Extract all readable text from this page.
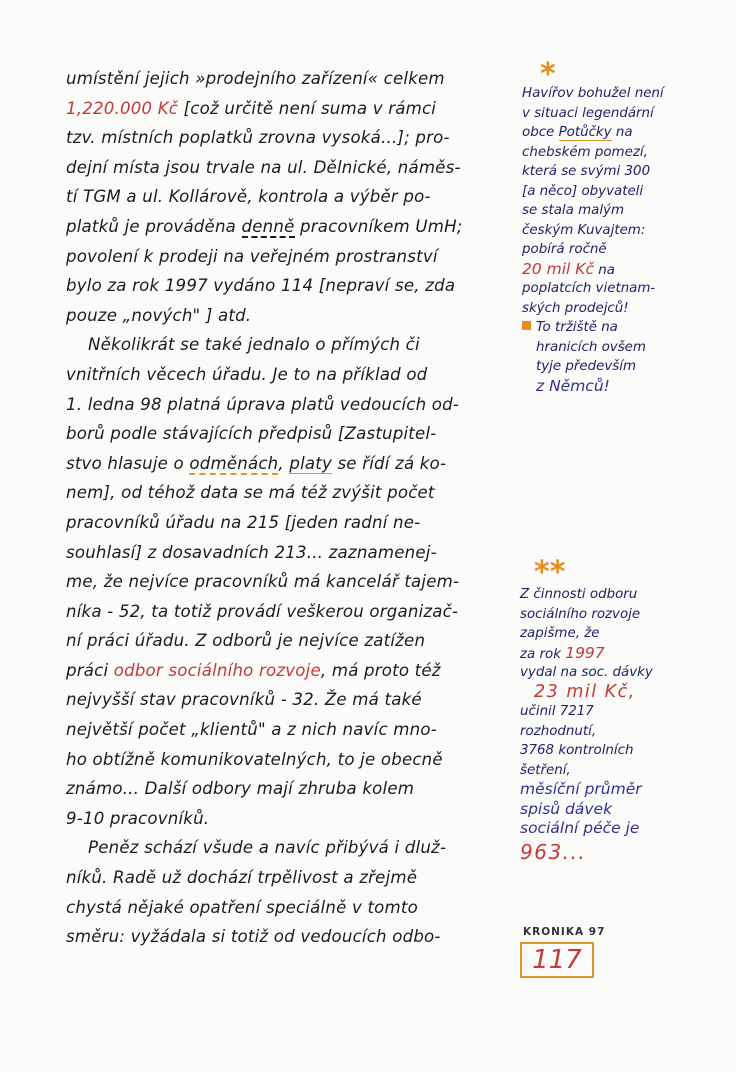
umístění jejich »prodejního zařízení« celkem
1,220.000 Kč [což určitě není suma v rámci
tzv. místních poplatků zrovna vysoká...]; pro-
dejní místa jsou trvale na ul. Dělnické, náměs-
tí TGM a ul. Kollárově, kontrola a výběr po-
platků je prováděna denně pracovníkem UmH;
povolení k prodeji na veřejném prostranství
bylo za rok 1997 vydáno 114 [nepraví se, zda
pouze „nových" ] atd.
Několikrát se také jednalo o přímých či
vnitřních věcech úřadu. Je to na příklad od
1. ledna 98 platná úprava platů vedoucích od-
borů podle stávajících předpisů [Zastupitel-
stvo hlasuje o odměnách, platy se řídí zá ko-
nem], od téhož data se má též zvýšit počet
pracovníků úřadu na 215 [jeden radní ne-
souhlasí] z dosavadních 213... zaznamenej-
me, že nejvíce pracovníků má kancelář tajem-
níka - 52, ta totiž provádí veškerou organizač-
ní práci úřadu. Z odborů je nejvíce zatížen
práci odbor sociálního rozvoje, má proto též
nejvyšší stav pracovníků - 32. Že má také
největší počet „klientů" a z nich navíc mno-
ho obtížně komunikovatelných, to je obecně
známo... Další odbory mají zhruba kolem
9-10 pracovníků.
Peněz schází všude a navíc přibývá i dluž-
níků. Radě už dochází trpělivost a zřejmě
chystá nějaké opatření speciálně v tomto
směru: vyžádala si totiž od vedoucích odbo-
*
Havířov bohužel není
v situaci legendární
obce Potůčky na
chebském pomezí,
která se svými 300
[a něco] obyvateli
se stala malým
českým Kuvajtem:
pobírá ročně
20 mil Kč na
poplatcích vietnam-
ských prodejců!
To tržiště na
hranicích ovšem
tyje především
z Němců!
**
Z činnosti odboru
sociálního rozvoje
zapišme, že
za rok 1997
vydal na soc. dávky
23 mil Kč,
učinil 7217
rozhodnutí,
3768 kontrolních
šetření,
měsíční průměr
spisů dávek
sociální péče je
963...
KRONIKA 97
117
